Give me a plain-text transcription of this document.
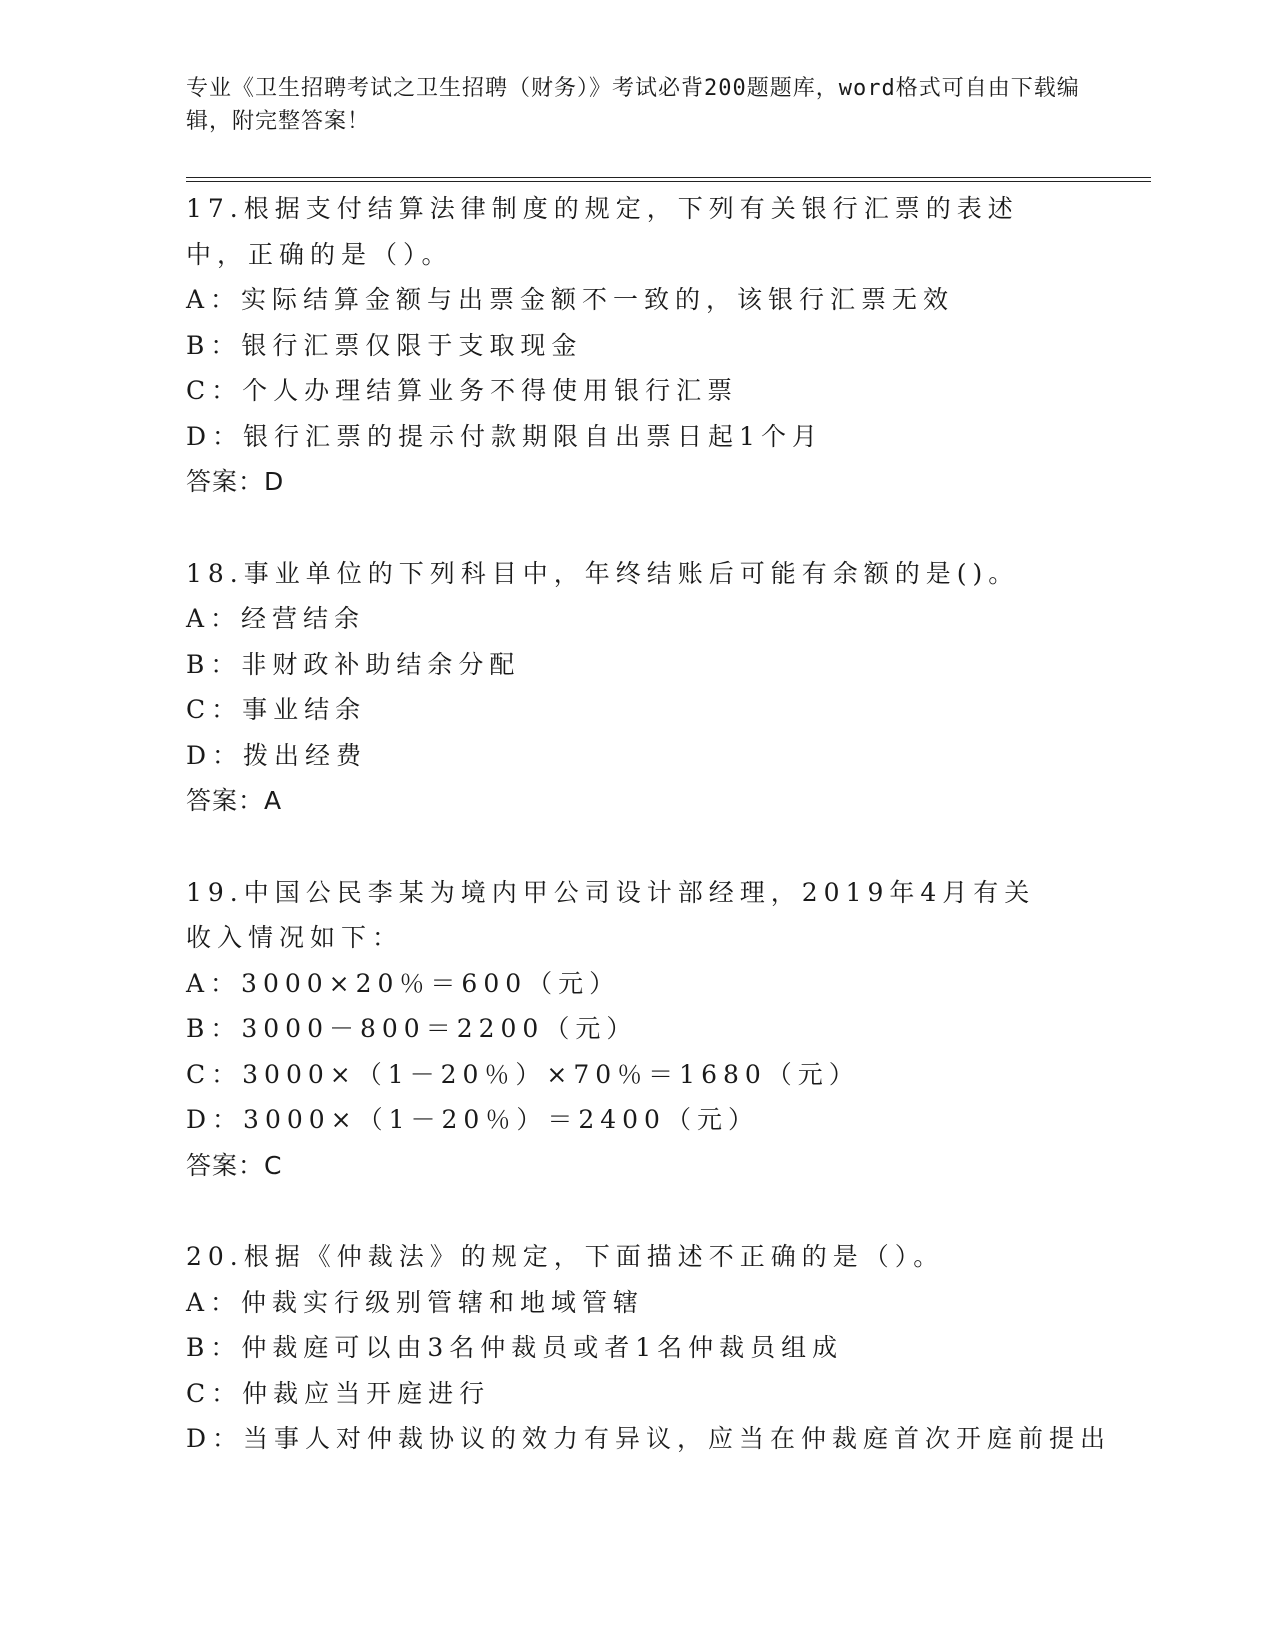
专业《卫生招聘考试之卫生招聘（财务）》考试必背200题题库，word格式可自由下载编辑，附完整答案！
17.根据支付结算法律制度的规定，下列有关银行汇票的表述中，正确的是（）。
A：实际结算金额与出票金额不一致的，该银行汇票无效
B：银行汇票仅限于支取现金
C：个人办理结算业务不得使用银行汇票
D：银行汇票的提示付款期限自出票日起1个月
答案：D
18.事业单位的下列科目中，年终结账后可能有余额的是()。
A：经营结余
B：非财政补助结余分配
C：事业结余
D：拨出经费
答案：A
19.中国公民李某为境内甲公司设计部经理，2019年4月有关收入情况如下：
A：3000×20％＝600（元）
B：3000－800＝2200（元）
C：3000×（1－20％）×70％＝1680（元）
D：3000×（1－20％）＝2400（元）
答案：C
20.根据《仲裁法》的规定，下面描述不正确的是（）。
A：仲裁实行级别管辖和地域管辖
B：仲裁庭可以由3名仲裁员或者1名仲裁员组成
C：仲裁应当开庭进行
D：当事人对仲裁协议的效力有异议，应当在仲裁庭首次开庭前提出
